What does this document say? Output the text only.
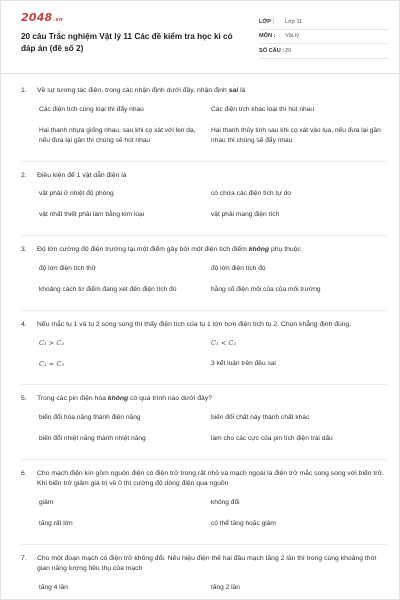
2048.vn
20 câu Trắc nghiệm Vật lý 11 Các đề kiểm tra học kì có đáp án (đề số 2)
LỚP :	Lớp 11
MÔN :	Vật lý
SỐ CÂU : 20
1.	Về sự tương tác điện, trong các nhận định dưới đây, nhận định sai là
Các điện tích cùng loại thì đẩy nhau	Các điện tích khác loại thì hút nhau
Hai thanh nhựa giống nhau, sau khi cọ xát với len dạ, nếu đưa lại gần thì chúng sẽ hút nhau
Hai thanh thủy tinh sau khi cọ xát vào lụa, nếu đưa lại gần nhau thì chúng sẽ đẩy nhau
2.	Điều kiện để 1 vật dẫn điện là
vật phải ở nhiệt độ phòng	có chứa các điện tích tự do
vật nhất thiết phải làm bằng kim loại	vật phải mang điện tích
3.	Độ lớn cường độ điện trường tại một điểm gây bởi một điện tích điểm không phụ thuộc
độ lớn điện tích thử	độ lớn điện tích đó
khoảng cách từ điểm đang xét đến điện tích đó	hằng số điện môi của của môi trường
4.	Nếu mắc tụ 1 và tụ 2 song song thì thấy điện tích của tụ 1 lớn hơn điện tích tụ 2. Chọn khẳng định đúng.
C₁ > C₂	C₁ < C₂
C₁ = C₂	3 kết luận trên đều sai
5.	Trong các pin điện hóa không có quá trình nào dưới đây?
biến đổi hóa năng thành điện năng	biến đổi chất này thành chất khác
biến đổi nhiệt năng thành nhiệt năng	làm cho các cực của pin tích điện trái dấu
6.	Cho mạch điện kín gồm nguồn điện có điện trở trong rất nhỏ và mạch ngoài là điện trở mắc song song với biến trở. Khi biến trở giảm giá trị về 0 thì cường độ dòng điện qua nguồn
giảm	không đổi
tăng rất lớn	có thể tăng hoặc giảm
7.	Cho một đoạn mạch có điện trở không đổi. Nếu hiệu điện thế hai đầu mạch tăng 2 lần thì trong cùng khoảng thời gian năng lượng tiêu thụ của mạch
tăng 4 lần	tăng 2 lần
